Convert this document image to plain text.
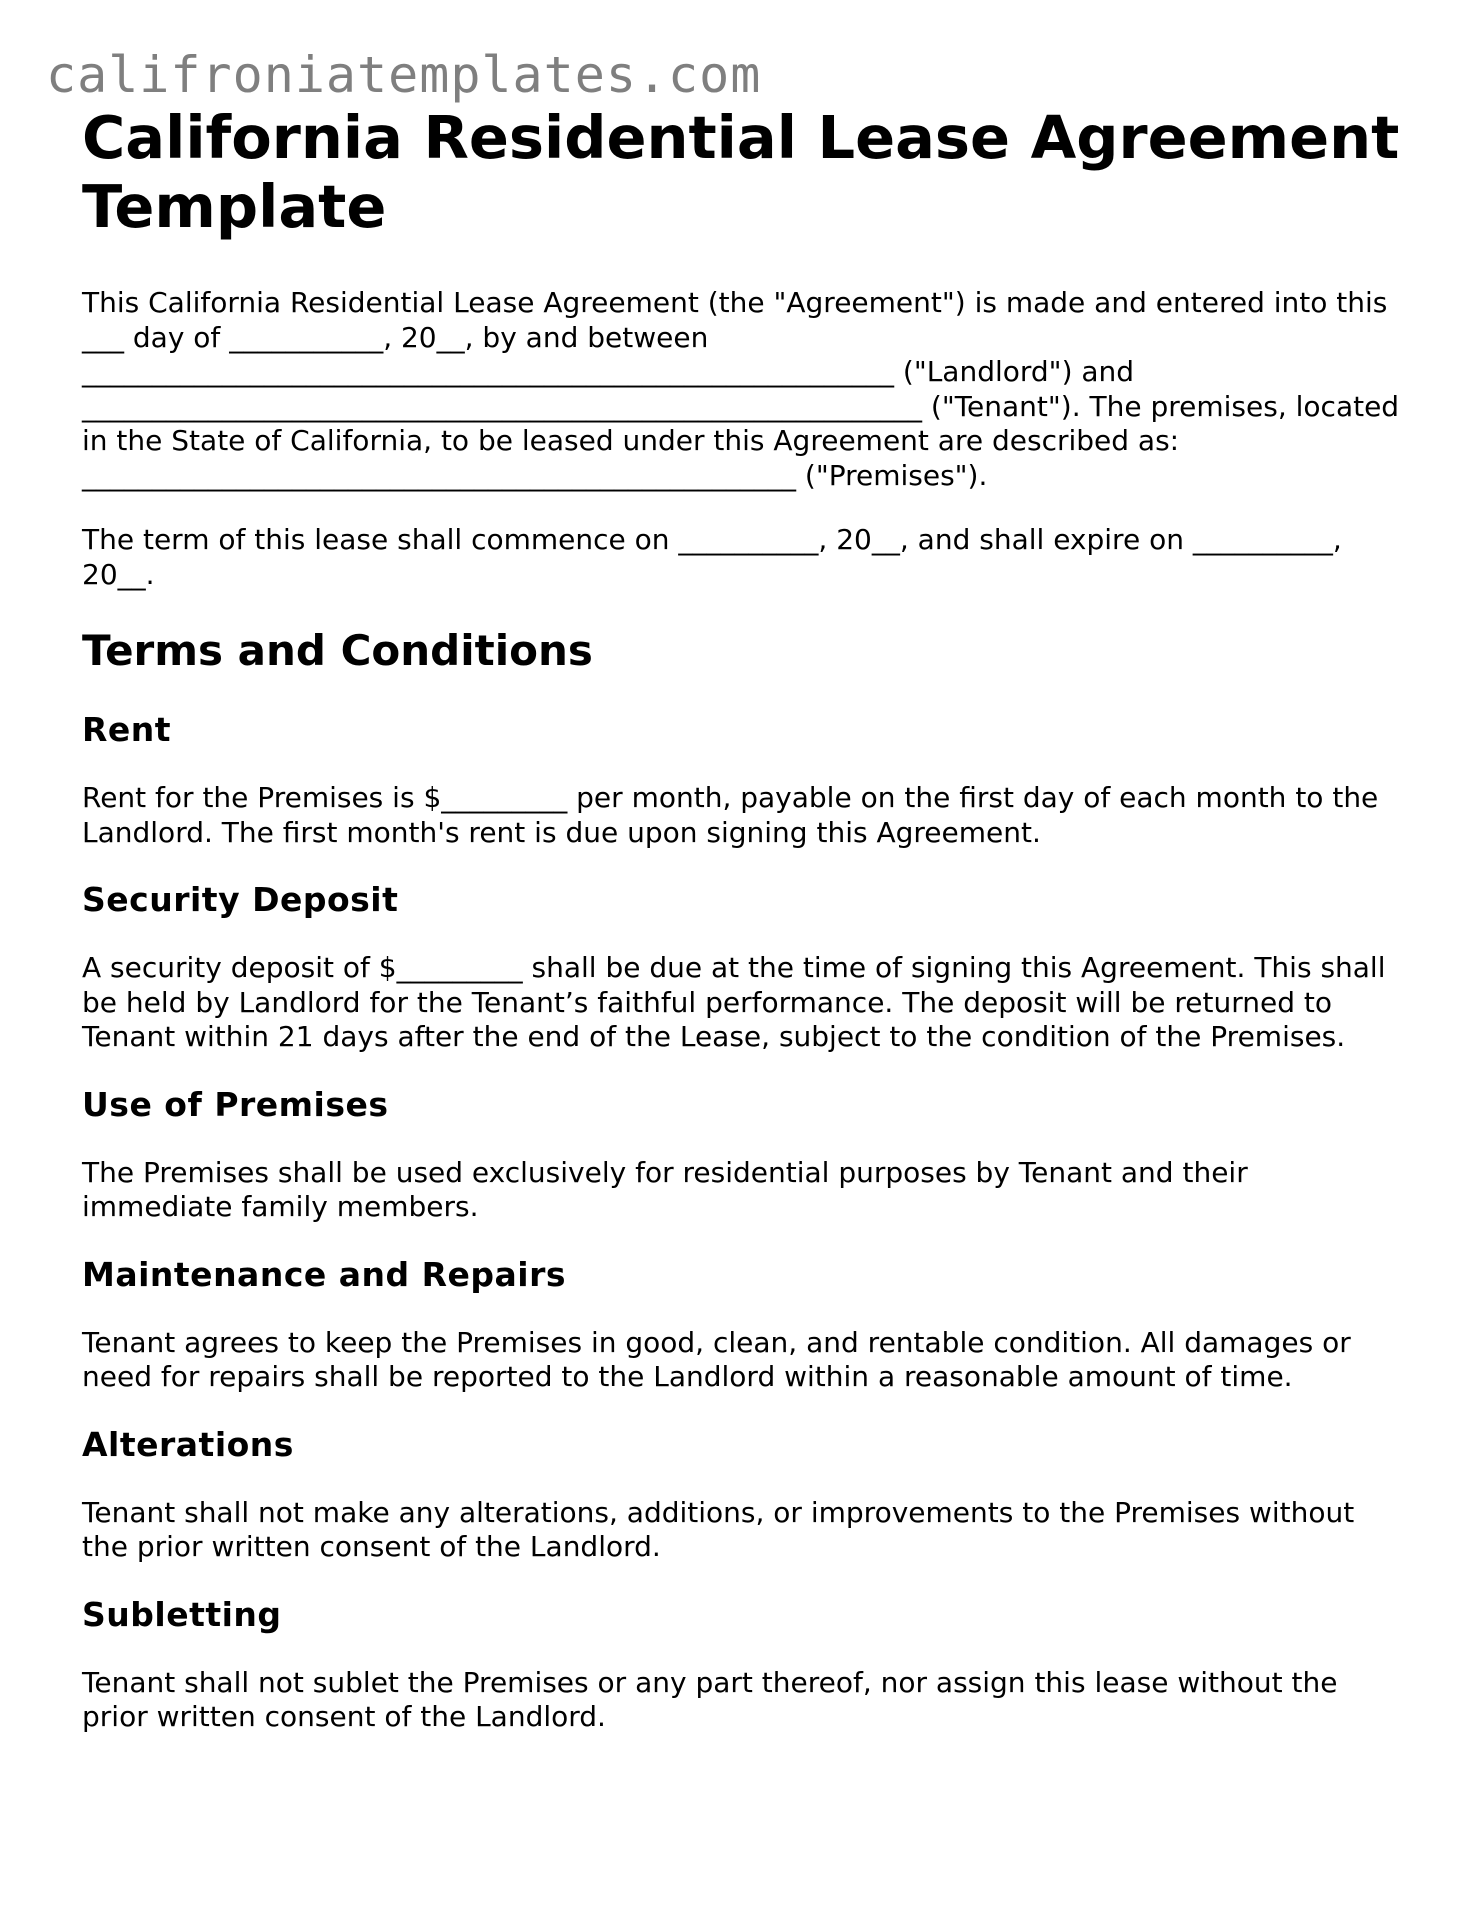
califroniatemplates.com
California Residential Lease Agreement Template

This California Residential Lease Agreement (the "Agreement") is made and entered into this ___ day of ___________, 20__, by and between __________________________________________________________ ("Landlord") and ____________________________________________________________ ("Tenant"). The premises, located in the State of California, to be leased under this Agreement are described as: ___________________________________________________ ("Premises").

The term of this lease shall commence on __________, 20__, and shall expire on __________, 20__.

Terms and Conditions
Rent

Rent for the Premises is $_________ per month, payable on the first day of each month to the Landlord. The first month's rent is due upon signing this Agreement.

Security Deposit

A security deposit of $_________ shall be due at the time of signing this Agreement. This shall be held by Landlord for the Tenant’s faithful performance. The deposit will be returned to Tenant within 21 days after the end of the Lease, subject to the condition of the Premises.

Use of Premises

The Premises shall be used exclusively for residential purposes by Tenant and their immediate family members.

Maintenance and Repairs

Tenant agrees to keep the Premises in good, clean, and rentable condition. All damages or need for repairs shall be reported to the Landlord within a reasonable amount of time.

Alterations

Tenant shall not make any alterations, additions, or improvements to the Premises without the prior written consent of the Landlord.

Subletting

Tenant shall not sublet the Premises or any part thereof, nor assign this lease without the prior written consent of the Landlord.
